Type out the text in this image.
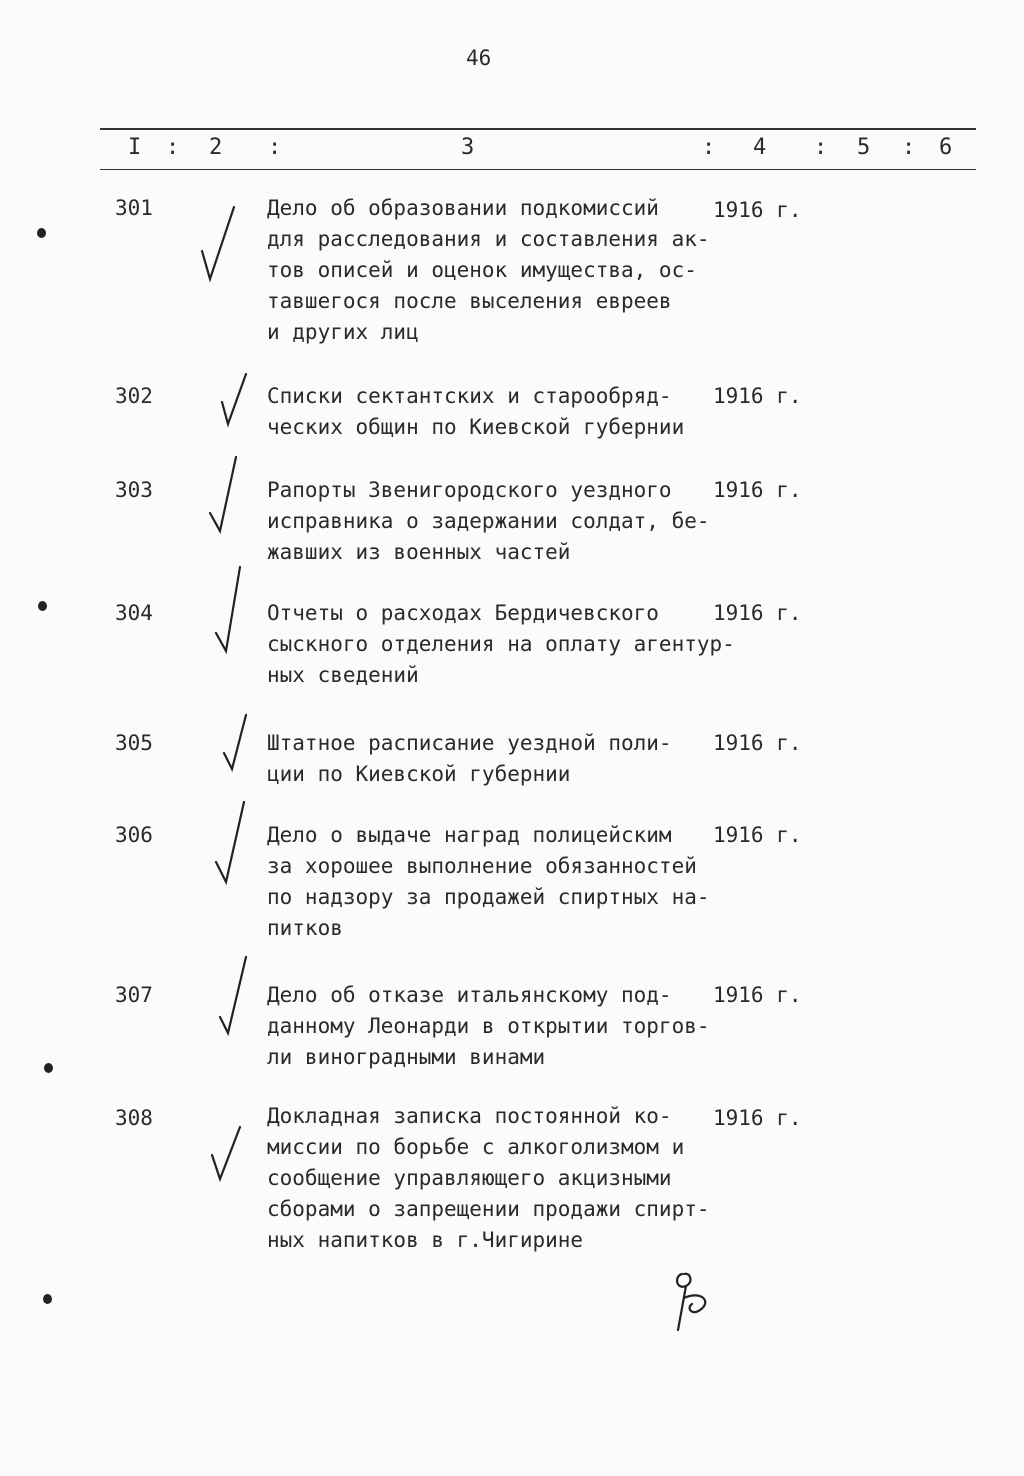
46
I : 2 :	3	: 4 : 5 : 6
301	Дело об образовании подкомиссий
для расследования и составления ак-
тов описей и оценок имущества, ос-
тавшегося после выселения евреев
и других лиц
1916 г.
302	Списки сектантских и старообряд-
ческих общин по Киевской губернии
1916 г.
303	Рапорты Звенигородского уездного
исправника о задержании солдат, бе-
жавших из военных частей
1916 г.
304	Отчеты о расходах Бердичевского
сыскного отделения на оплату агентур-
ных сведений
1916 г.
305	Штатное расписание уездной поли-
ции по Киевской губернии
1916 г.
306	Дело о выдаче наград полицейским
за хорошее выполнение обязанностей
по надзору за продажей спиртных на-
питков
1916 г.
307	Дело об отказе итальянскому под-
данному Леонарди в открытии торгов-
ли виноградными винами
1916 г.
308	Докладная записка постоянной ко-
миссии по борьбе с алкоголизмом и
сообщение управляющего акцизными
сборами о запрещении продажи спирт-
ных напитков в г.Чигирине
1916 г.
